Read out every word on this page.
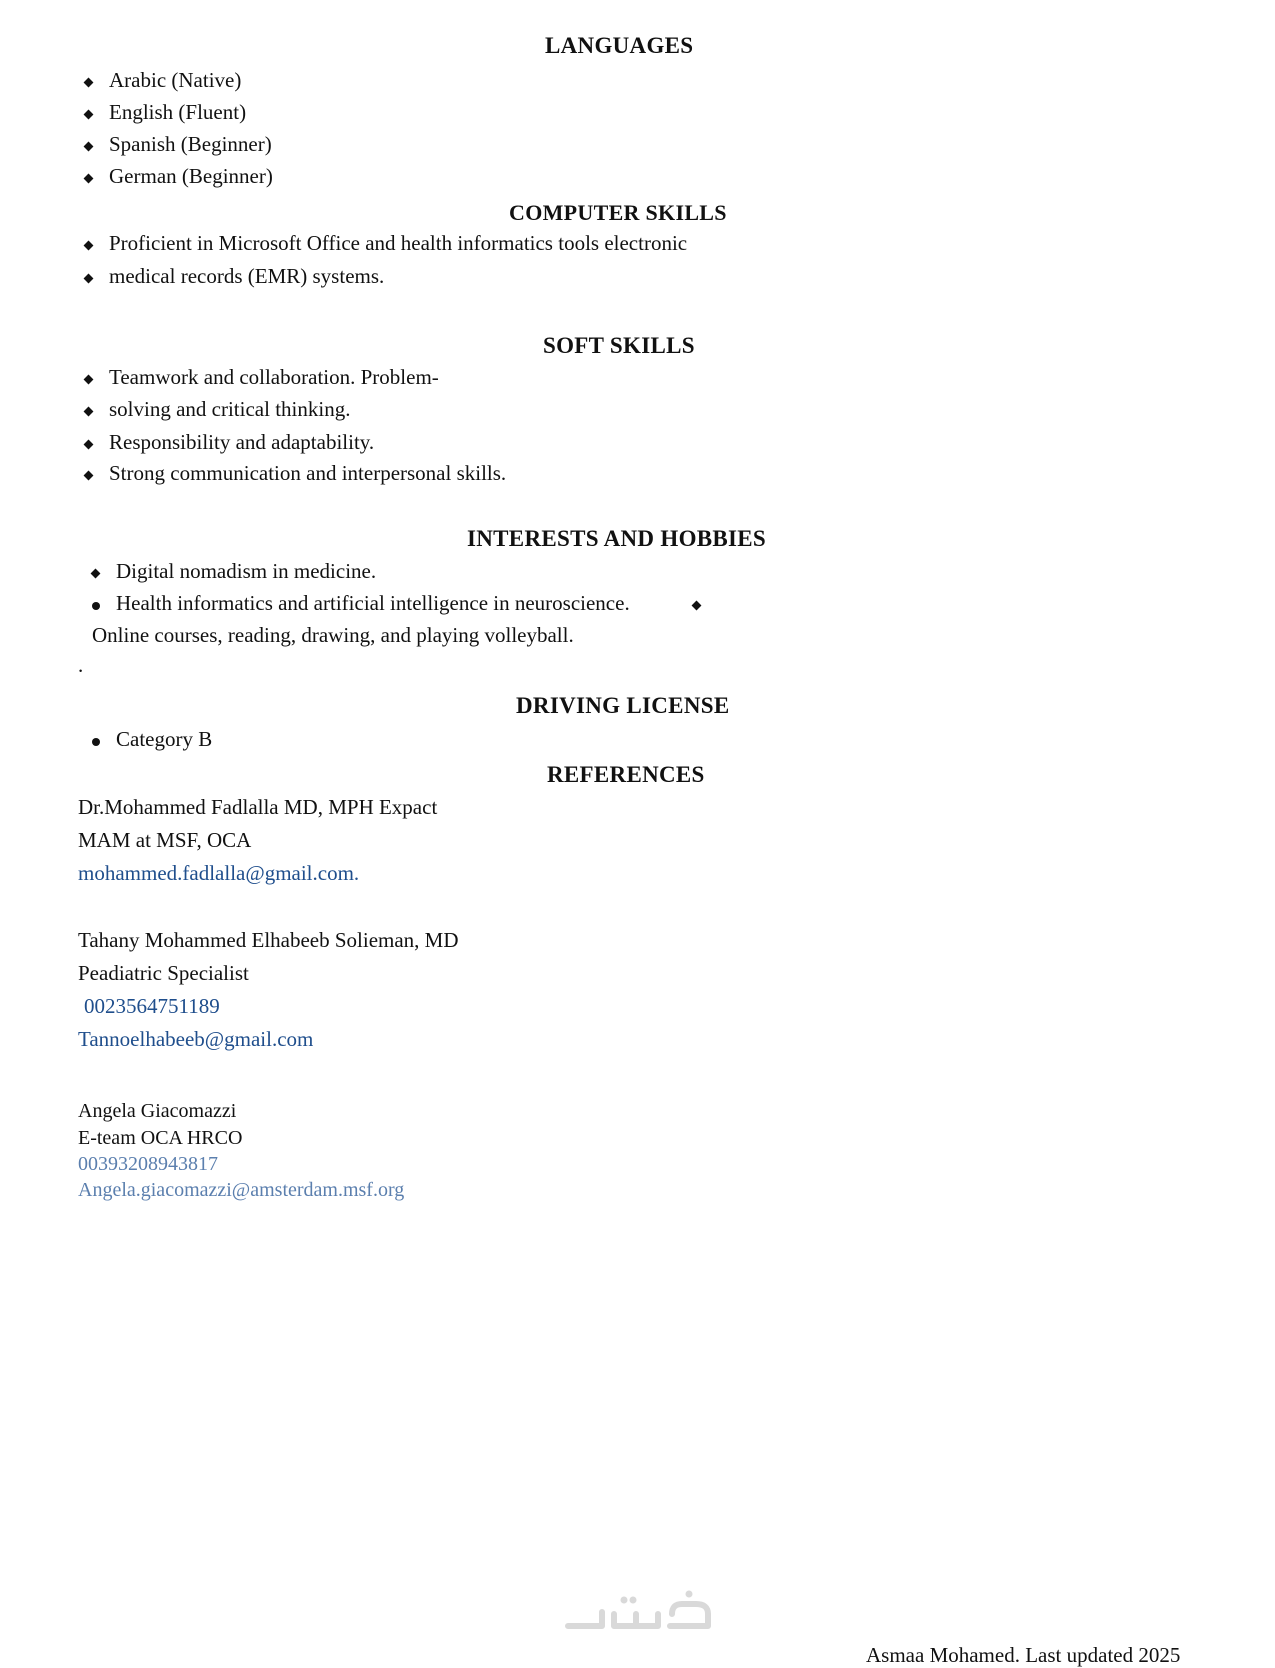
LANGUAGES

Arabic (Native)

English (Fluent)

Spanish (Beginner)

German (Beginner)

COMPUTER SKILLS

Proficient in Microsoft Office and health informatics tools electronic

medical records (EMR) systems.

SOFT SKILLS

Teamwork and collaboration. Problem-

solving and critical thinking.

Responsibility and adaptability.

Strong communication and interpersonal skills.

INTERESTS AND HOBBIES

Digital nomadism in medicine.

Health informatics and artificial intelligence in neuroscience.

Online courses, reading, drawing, and playing volleyball.

.

DRIVING LICENSE

Category B

REFERENCES

Dr.Mohammed Fadlalla MD, MPH Expact

MAM at MSF, OCA

mohammed.fadlalla@gmail.com.

Tahany Mohammed Elhabeeb Solieman, MD

Peadiatric Specialist

0023564751189

Tannoelhabeeb@gmail.com

Angela Giacomazzi

E-team OCA HRCO

00393208943817

Angela.giacomazzi@amsterdam.msf.org

Asmaa Mohamed. Last updated 2025
